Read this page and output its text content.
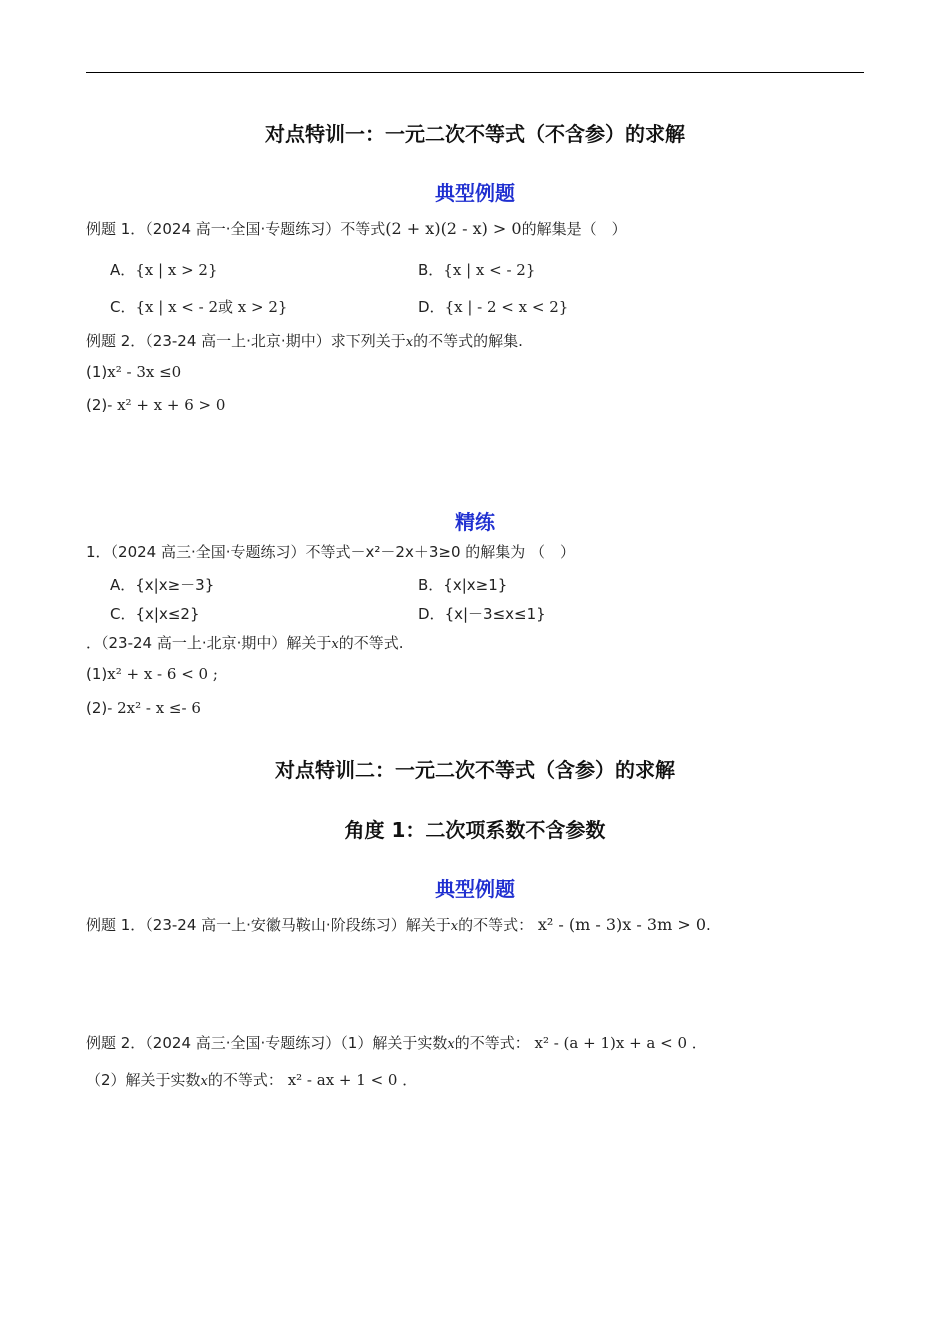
对点特训一：一元二次不等式（不含参）的求解
典型例题
例题 1．（2024 高一·全国·专题练习）不等式(2 + x)(2 - x) > 0的解集是（　）
A．{x | x > 2}	B．{x | x < - 2}
C．{x | x < - 2或 x > 2}	D．{x | - 2 < x < 2}
例题 2．（23-24 高一上·北京·期中）求下列关于x的不等式的解集.
(1)x² - 3x ≤0
(2)- x² + x + 6 > 0
精练
1．（2024 高三·全国·专题练习）不等式－x²－2x＋3≥0 的解集为 （　）
A．{x|x≥－3}	B．{x|x≥1}
C．{x|x≤2}	D．{x|－3≤x≤1}
．（23-24 高一上·北京·期中）解关于x的不等式.
(1)x² + x - 6 < 0 ;
(2)- 2x² - x ≤- 6
对点特训二：一元二次不等式（含参）的求解
角度 1：二次项系数不含参数
典型例题
例题 1．（23-24 高一上·安徽马鞍山·阶段练习）解关于x的不等式： x² - (m - 3)x - 3m > 0.
例题 2．（2024 高三·全国·专题练习）（1）解关于实数x的不等式： x² - (a + 1)x + a < 0 ．
（2）解关于实数x的不等式： x² - ax + 1 < 0 ．
